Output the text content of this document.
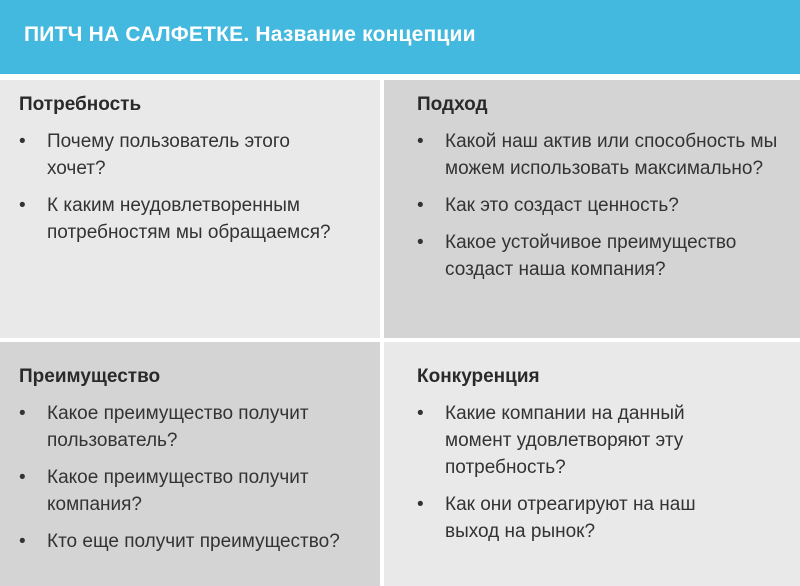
ПИТЧ НА САЛФЕТКЕ. Название концепции
Потребность
• Почему пользователь этого хочет?
• К каким неудовлетворенным потребностям мы обращаемся?
Подход
• Какой наш актив или способность мы можем использовать максимально?
• Как это создаст ценность?
• Какое устойчивое преимущество создаст наша компания?
Преимущество
• Какое преимущество получит пользователь?
• Какое преимущество получит компания?
• Кто еще получит преимущество?
Конкуренция
• Какие компании на данный момент удовлетворяют эту потребность?
• Как они отреагируют на наш выход на рынок?
